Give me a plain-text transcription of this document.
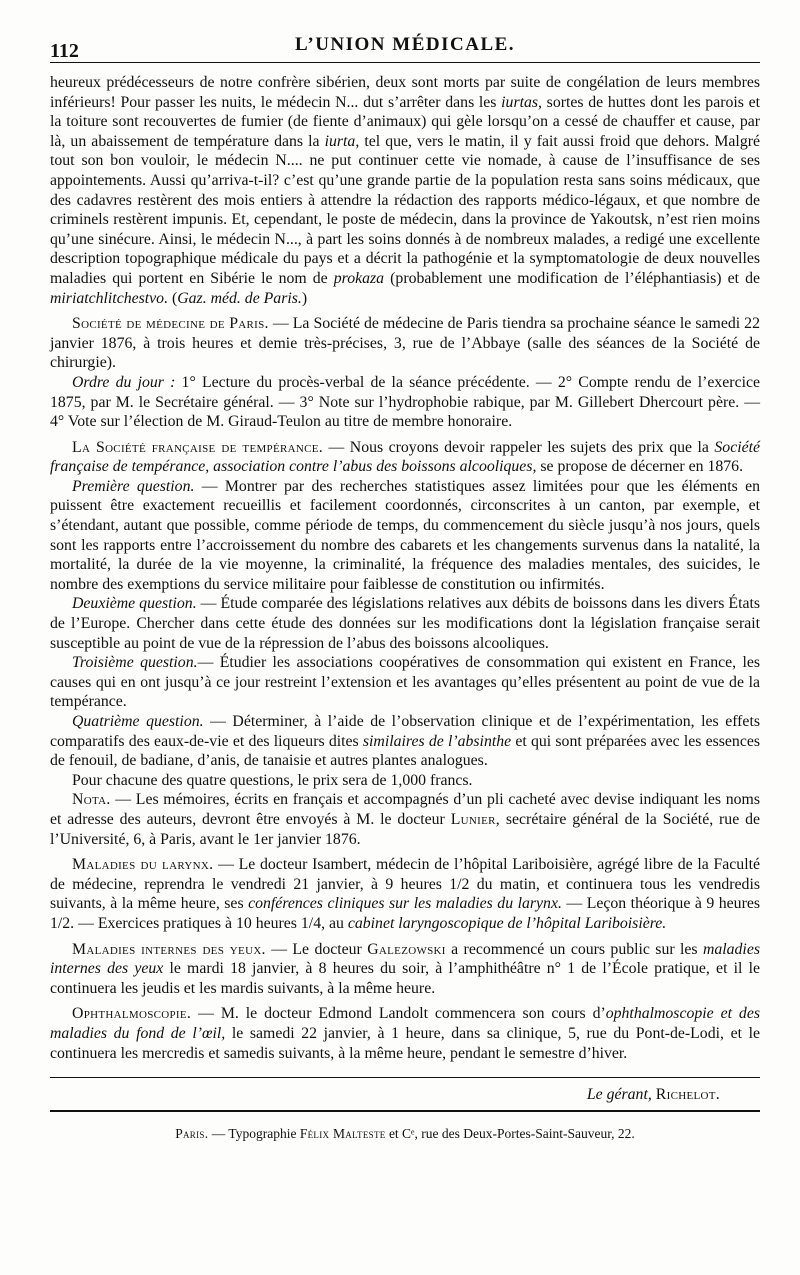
112	L’UNION MÉDICALE.

heureux prédécesseurs de notre confrère sibérien, deux sont morts par suite de congélation de leurs membres inférieurs! Pour passer les nuits, le médecin N... dut s’arrêter dans les iurtas, sortes de huttes dont les parois et la toiture sont recouvertes de fumier (de fiente d’animaux) qui gèle lorsqu’on a cessé de chauffer et cause, par là, un abaissement de température dans la iurta, tel que, vers le matin, il y fait aussi froid que dehors. Malgré tout son bon vouloir, le médecin N.... ne put continuer cette vie nomade, à cause de l’insuffisance de ses appointements. Aussi qu’arriva-t-il? c’est qu’une grande partie de la population resta sans soins médicaux, que des cadavres restèrent des mois entiers à attendre la rédaction des rapports médico-légaux, et que nombre de criminels restèrent impunis. Et, cependant, le poste de médecin, dans la province de Yakoutsk, n’est rien moins qu’une sinécure. Ainsi, le médecin N..., à part les soins donnés à de nombreux malades, a redigé une excellente description topographique médicale du pays et a décrit la pathogénie et la symptomatologie de deux nouvelles maladies qui portent en Sibérie le nom de prokaza (probablement une modification de l’éléphantiasis) et de miriatchlitchestvo. (Gaz. méd. de Paris.)

Société de médecine de Paris. — La Société de médecine de Paris tiendra sa prochaine séance le samedi 22 janvier 1876, à trois heures et demie très-précises, 3, rue de l’Abbaye (salle des séances de la Société de chirurgie).

Ordre du jour : 1° Lecture du procès-verbal de la séance précédente. — 2° Compte rendu de l’exercice 1875, par M. le Secrétaire général. — 3° Note sur l’hydrophobie rabique, par M. Gillebert Dhercourt père. — 4° Vote sur l’élection de M. Giraud-Teulon au titre de membre honoraire.

La Société française de tempérance. — Nous croyons devoir rappeler les sujets des prix que la Société française de tempérance, association contre l’abus des boissons alcooliques, se propose de décerner en 1876.

Première question. — Montrer par des recherches statistiques assez limitées pour que les éléments en puissent être exactement recueillis et facilement coordonnés, circonscrites à un canton, par exemple, et s’étendant, autant que possible, comme période de temps, du commencement du siècle jusqu’à nos jours, quels sont les rapports entre l’accroissement du nombre des cabarets et les changements survenus dans la natalité, la mortalité, la durée de la vie moyenne, la criminalité, la fréquence des maladies mentales, des suicides, le nombre des exemptions du service militaire pour faiblesse de constitution ou infirmités.

Deuxième question. — Étude comparée des législations relatives aux débits de boissons dans les divers États de l’Europe. Chercher dans cette étude des données sur les modifications dont la législation française serait susceptible au point de vue de la répression de l’abus des boissons alcooliques.

Troisième question.— Étudier les associations coopératives de consommation qui existent en France, les causes qui en ont jusqu’à ce jour restreint l’extension et les avantages qu’elles présentent au point de vue de la tempérance.

Quatrième question. — Déterminer, à l’aide de l’observation clinique et de l’expérimentation, les effets comparatifs des eaux-de-vie et des liqueurs dites similaires de l’absinthe et qui sont préparées avec les essences de fenouil, de badiane, d’anis, de tanaisie et autres plantes analogues.

Pour chacune des quatre questions, le prix sera de 1,000 francs.

Nota. — Les mémoires, écrits en français et accompagnés d’un pli cacheté avec devise indiquant les noms et adresse des auteurs, devront être envoyés à M. le docteur Lunier, secrétaire général de la Société, rue de l’Université, 6, à Paris, avant le 1er janvier 1876.

Maladies du larynx. — Le docteur Isambert, médecin de l’hôpital Lariboisière, agrégé libre de la Faculté de médecine, reprendra le vendredi 21 janvier, à 9 heures 1/2 du matin, et continuera tous les vendredis suivants, à la même heure, ses conférences cliniques sur les maladies du larynx. — Leçon théorique à 9 heures 1/2. — Exercices pratiques à 10 heures 1/4, au cabinet laryngoscopique de l’hôpital Lariboisière.

Maladies internes des yeux. — Le docteur Galezowski a recommencé un cours public sur les maladies internes des yeux le mardi 18 janvier, à 8 heures du soir, à l’amphithéâtre n° 1 de l’École pratique, et il le continuera les jeudis et les mardis suivants, à la même heure.

Ophthalmoscopie. — M. le docteur Edmond Landolt commencera son cours d’ophthalmoscopie et des maladies du fond de l’œil, le samedi 22 janvier, à 1 heure, dans sa clinique, 5, rue du Pont-de-Lodi, et le continuera les mercredis et samedis suivants, à la même heure, pendant le semestre d’hiver.

Le gérant, Richelot.
Paris. — Typographie Félix Malteste et Cᵉ, rue des Deux-Portes-Saint-Sauveur, 22.
